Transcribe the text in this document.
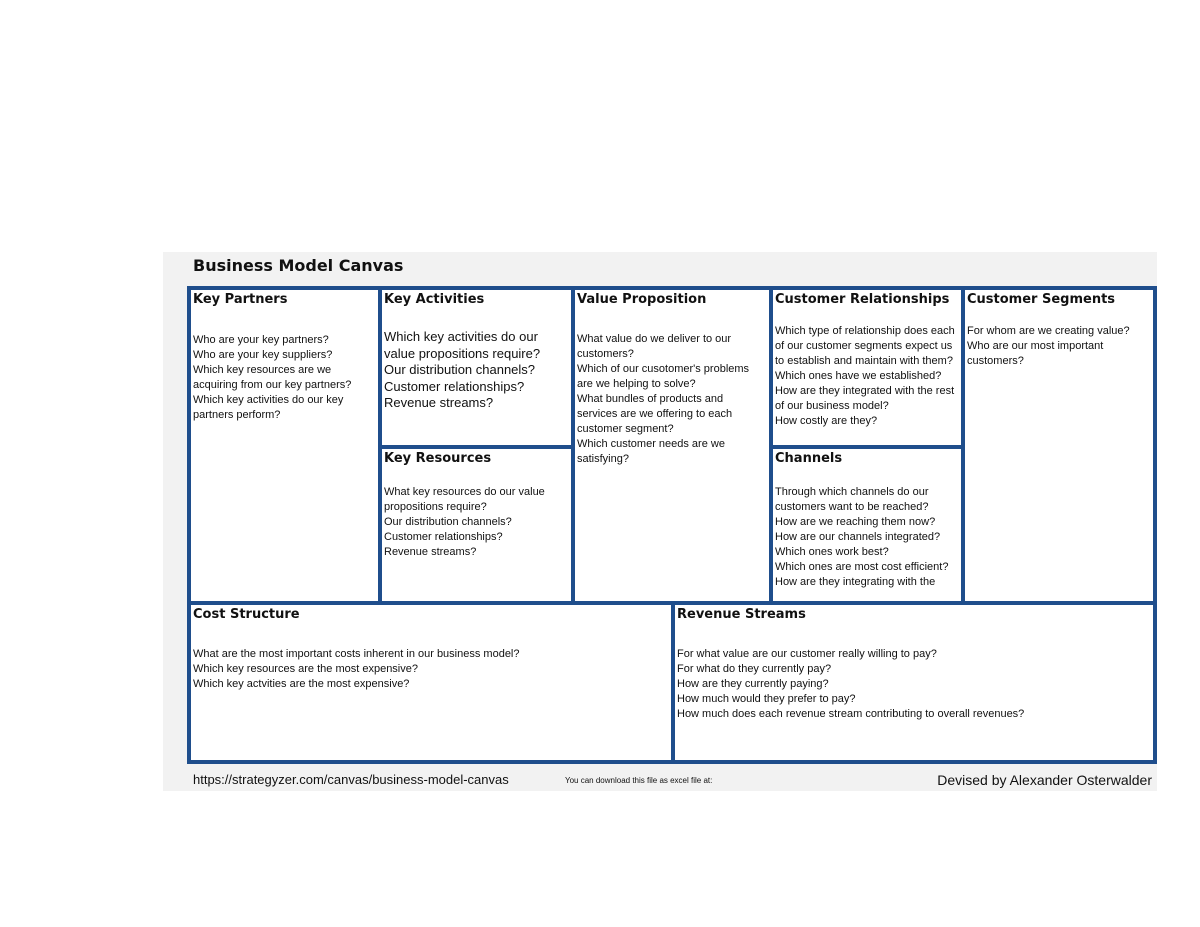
Business Model Canvas
Key Partners
Who are your key partners?
Who are your key suppliers?
Which key resources are we acquiring from our key partners?
Which key activities do our key partners perform?
Key Activities
Which key activities do our value propositions require?
Our distribution channels?
Customer relationships?
Revenue streams?
Key Resources
What key resources do our value propositions require?
Our distribution channels?
Customer relationships?
Revenue streams?
Value Proposition
What value do we deliver to our customers?
Which of our cusotomer's problems are we helping to solve?
What bundles of products and services are we offering to each customer segment?
Which customer needs are we satisfying?
Customer Relationships
Which type of relationship does each of our customer segments expect us to establish and maintain with them?
Which ones have we established?
How are they integrated with the rest of our business model?
How costly are they?
Channels
Through which channels do our customers want to be reached?
How are we reaching them now?
How are our channels integrated?
Which ones work best?
Which ones are most cost efficient?
How are they integrating with the
Customer Segments
For whom are we creating value?
Who are our most important customers?
Cost Structure
What are the most important costs inherent in our business model?
Which key resources are the most expensive?
Which key actvities are the most expensive?
Revenue Streams
For what value are our customer really willing to pay?
For what do they currently pay?
How are they currently paying?
How much would they prefer to pay?
How much does each revenue stream contributing to overall revenues?
https://strategyzer.com/canvas/business-model-canvas	You can download this file as excel file at:	Devised by Alexander Osterwalder
